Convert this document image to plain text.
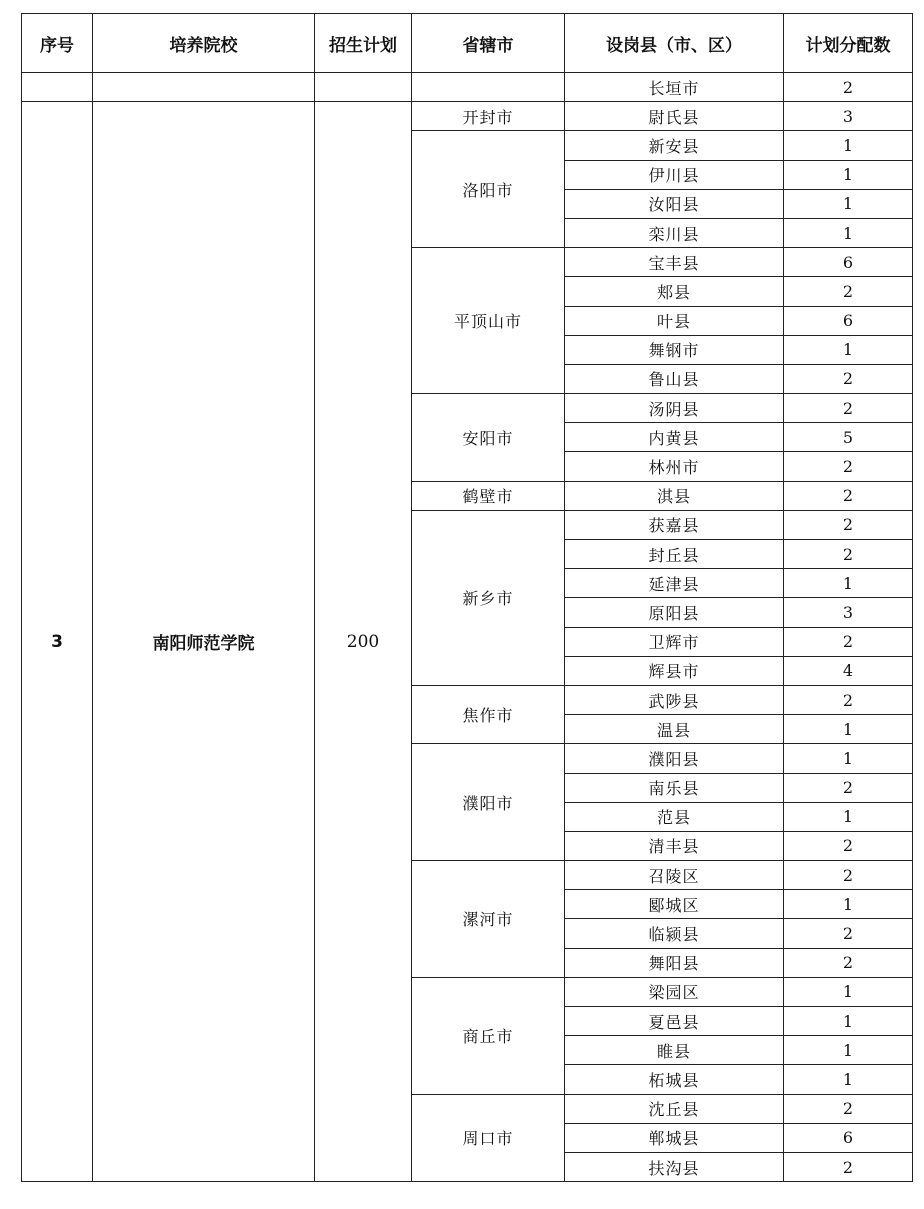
序号	培养院校	招生计划	省辖市	设岗县（市、区）	计划分配数
				长垣市	2
3	南阳师范学院	200	开封市	尉氏县	3
			洛阳市	新安县	1
				伊川县	1
				汝阳县	1
				栾川县	1
			平顶山市	宝丰县	6
				郏县	2
				叶县	6
				舞钢市	1
				鲁山县	2
			安阳市	汤阴县	2
				内黄县	5
				林州市	2
			鹤壁市	淇县	2
			新乡市	获嘉县	2
				封丘县	2
				延津县	1
				原阳县	3
				卫辉市	2
				辉县市	4
			焦作市	武陟县	2
				温县	1
			濮阳市	濮阳县	1
				南乐县	2
				范县	1
				清丰县	2
			漯河市	召陵区	2
				郾城区	1
				临颍县	2
				舞阳县	2
			商丘市	梁园区	1
				夏邑县	1
				睢县	1
				柘城县	1
			周口市	沈丘县	2
				郸城县	6
				扶沟县	2
